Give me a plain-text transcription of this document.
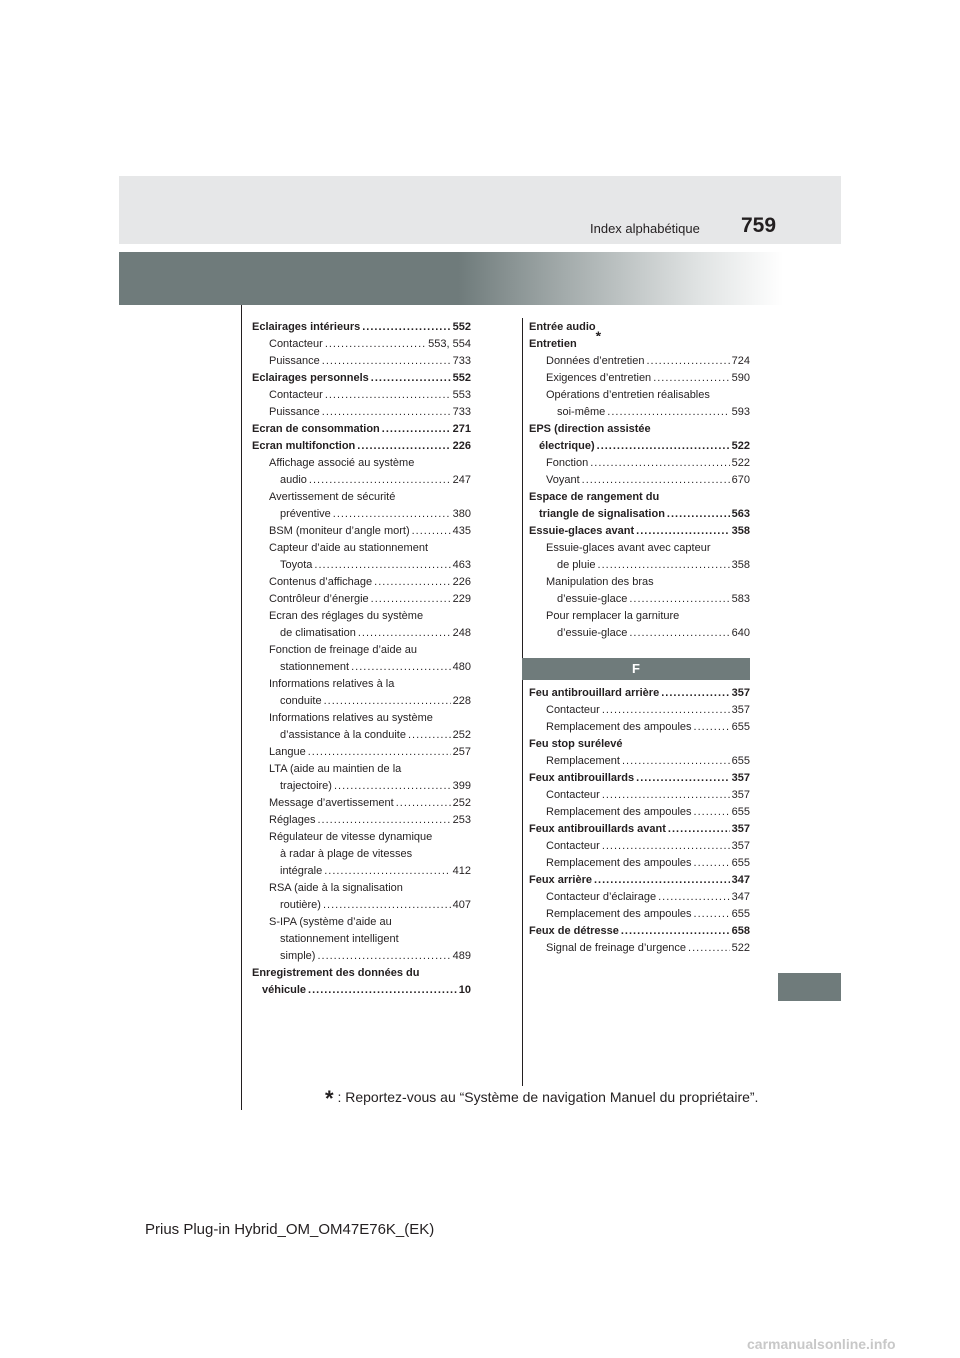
759
Index alphabétique
Eclairages intérieurs .....	552
Contacteur .....	553, 554
Puissance .....	733
Eclairages personnels .....	552
Contacteur .....	553
Puissance .....	733
Ecran de consommation .....	271
Ecran multifonction .....	226
Affichage associé au système
audio .....	247
Avertissement de sécurité
préventive .....	380
BSM (moniteur d’angle mort) .....	435
Capteur d’aide au stationnement
Toyota .....	463
Contenus d’affichage .....	226
Contrôleur d’énergie .....	229
Ecran des réglages du système
de climatisation .....	248
Fonction de freinage d’aide au
stationnement .....	480
Informations relatives à la
conduite .....	228
Informations relatives au système
d’assistance à la conduite .....	252
Langue .....	257
LTA (aide au maintien de la
trajectoire) .....	399
Message d’avertissement .....	252
Réglages .....	253
Régulateur de vitesse dynamique
à radar à plage de vitesses
intégrale .....	412
RSA (aide à la signalisation
routière) .....	407
S-IPA (système d’aide au
stationnement intelligent
simple) .....	489
Enregistrement des données du
véhicule .....	10
Entrée audio
*
Entretien
Données d’entretien .....	724
Exigences d’entretien .....	590
Opérations d’entretien réalisables
soi-même .....	593
EPS (direction assistée
électrique) .....	522
Fonction .....	522
Voyant .....	670
Espace de rangement du
triangle de signalisation .....	563
Essuie-glaces avant .....	358
Essuie-glaces avant avec capteur
de pluie .....	358
Manipulation des bras
d’essuie-glace .....	583
Pour remplacer la garniture
d’essuie-glace .....	640
F
Feu antibrouillard arrière .....	357
Contacteur .....	357
Remplacement des ampoules .....	655
Feu stop surélevé
Remplacement .....	655
Feux antibrouillards .....	357
Contacteur .....	357
Remplacement des ampoules .....	655
Feux antibrouillards avant .....	357
Contacteur .....	357
Remplacement des ampoules .....	655
Feux arrière .....	347
Contacteur d’éclairage .....	347
Remplacement des ampoules .....	655
Feux de détresse .....	658
Signal de freinage d’urgence .....	522
* : Reportez-vous au “Système de navigation Manuel du propriétaire”.
Prius Plug-in Hybrid_OM_OM47E76K_(EK)
carmanualsonline.info
